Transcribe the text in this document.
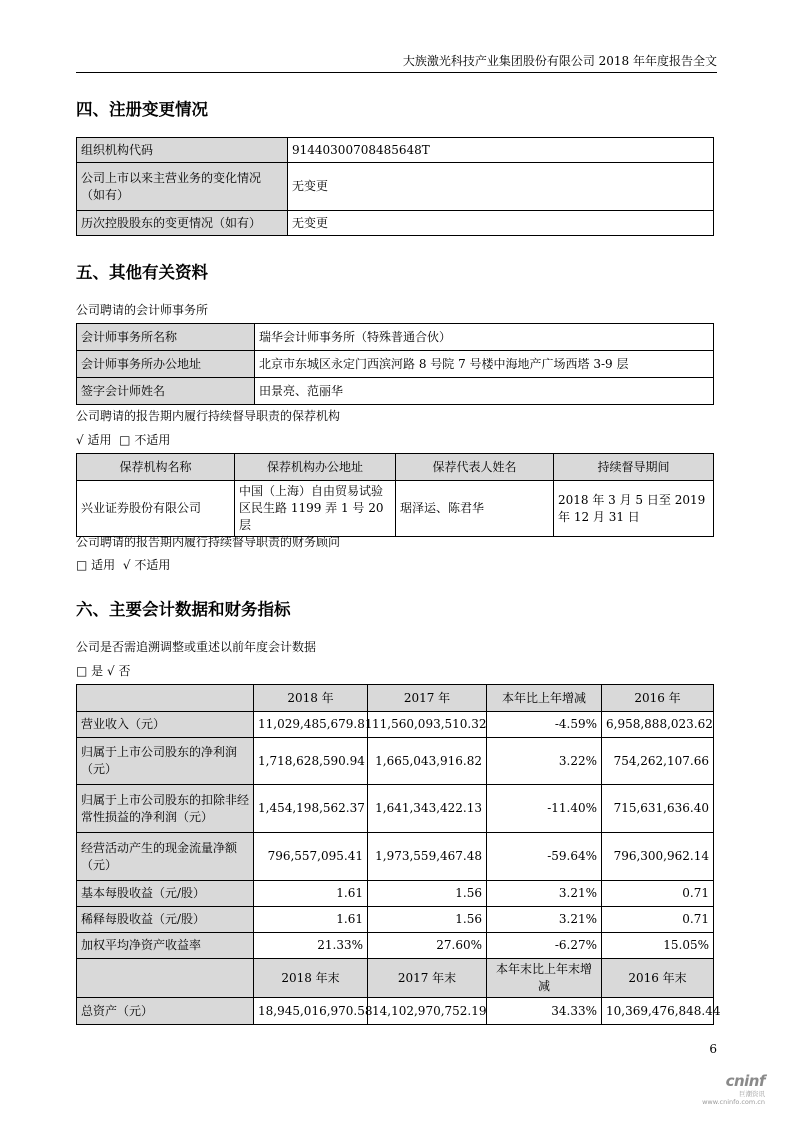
大族激光科技产业集团股份有限公司 2018 年年度报告全文
四、注册变更情况
组织机构代码	91440300708485648T
公司上市以来主营业务的变化情况（如有）	无变更
历次控股股东的变更情况（如有）	无变更
五、其他有关资料
公司聘请的会计师事务所
会计师事务所名称	瑞华会计师事务所（特殊普通合伙）
会计师事务所办公地址	北京市东城区永定门西滨河路 8 号院 7 号楼中海地产广场西塔 3-9 层
签字会计师姓名	田景亮、范丽华
公司聘请的报告期内履行持续督导职责的保荐机构
√ 适用 □ 不适用
保荐机构名称	保荐机构办公地址	保荐代表人姓名	持续督导期间
兴业证券股份有限公司	中国（上海）自由贸易试验区民生路 1199 弄 1 号 20 层	琚泽运、陈君华	2018 年 3 月 5 日至 2019 年 12 月 31 日
公司聘请的报告期内履行持续督导职责的财务顾问
□ 适用 √ 不适用
六、主要会计数据和财务指标
公司是否需追溯调整或重述以前年度会计数据
□ 是 √ 否
	2018 年	2017 年	本年比上年增减	2016 年
营业收入（元）	11,029,485,679.81	11,560,093,510.32	-4.59%	6,958,888,023.62
归属于上市公司股东的净利润（元）	1,718,628,590.94	1,665,043,916.82	3.22%	754,262,107.66
归属于上市公司股东的扣除非经常性损益的净利润（元）	1,454,198,562.37	1,641,343,422.13	-11.40%	715,631,636.40
经营活动产生的现金流量净额（元）	796,557,095.41	1,973,559,467.48	-59.64%	796,300,962.14
基本每股收益（元/股）	1.61	1.56	3.21%	0.71
稀释每股收益（元/股）	1.61	1.56	3.21%	0.71
加权平均净资产收益率	21.33%	27.60%	-6.27%	15.05%
	2018 年末	2017 年末	本年末比上年末增减	2016 年末
总资产（元）	18,945,016,970.58	14,102,970,752.19	34.33%	10,369,476,848.44
6
cninf
巨潮资讯
www.cninfo.com.cn
